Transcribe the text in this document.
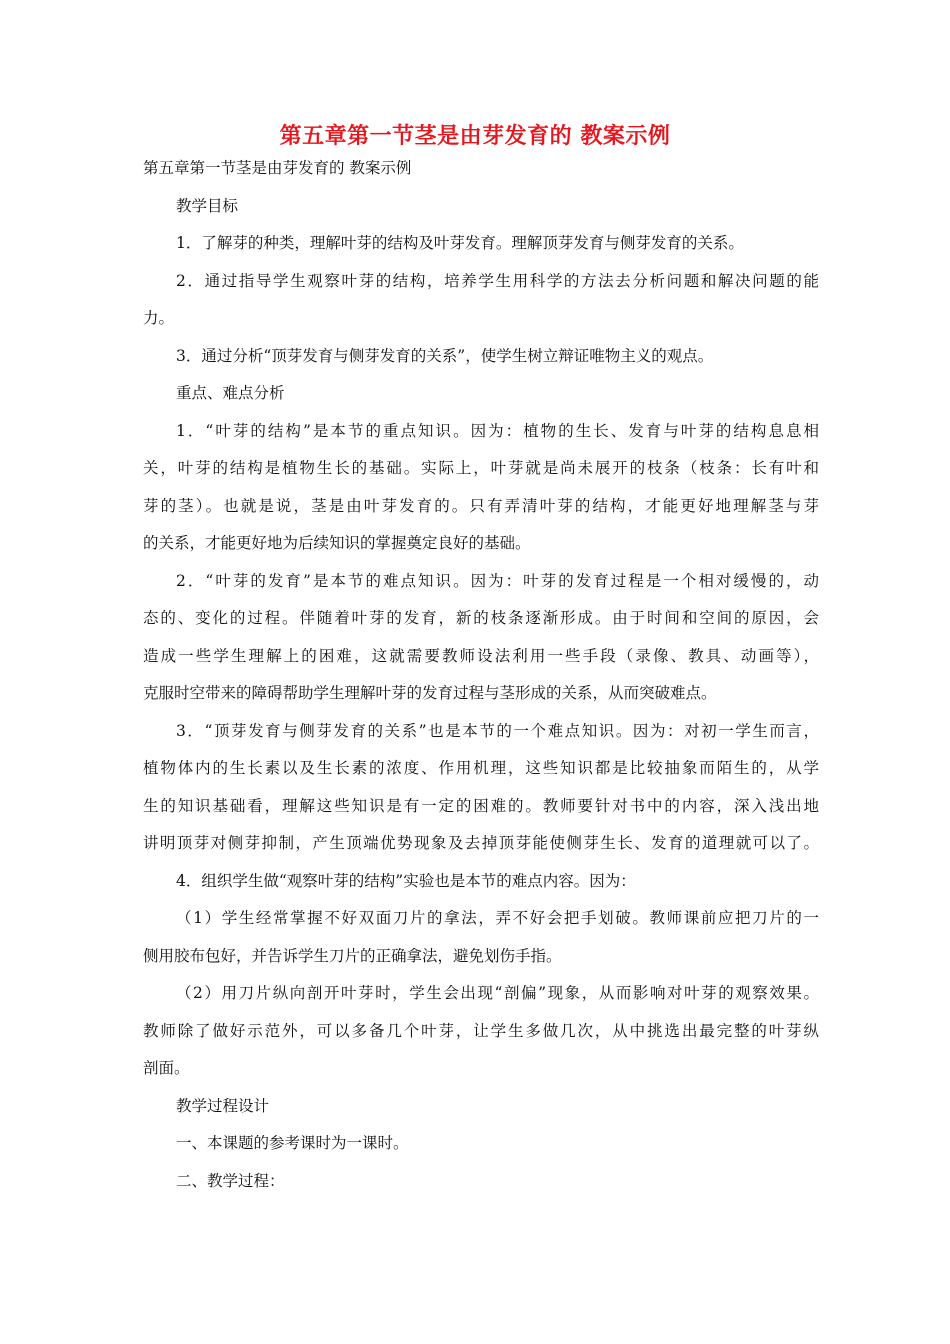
第五章第一节茎是由芽发育的 教案示例
第五章第一节茎是由芽发育的 教案示例
教学目标
1．了解芽的种类，理解叶芽的结构及叶芽发育。理解顶芽发育与侧芽发育的关系。
2．通过指导学生观察叶芽的结构，培养学生用科学的方法去分析问题和解决问题的能
力。
3．通过分析“顶芽发育与侧芽发育的关系”，使学生树立辩证唯物主义的观点。
重点、难点分析
1．“叶芽的结构”是本节的重点知识。因为：植物的生长、发育与叶芽的结构息息相
关，叶芽的结构是植物生长的基础。实际上，叶芽就是尚未展开的枝条（枝条：长有叶和
芽的茎）。也就是说，茎是由叶芽发育的。只有弄清叶芽的结构，才能更好地理解茎与芽
的关系，才能更好地为后续知识的掌握奠定良好的基础。
2．“叶芽的发育”是本节的难点知识。因为：叶芽的发育过程是一个相对缓慢的，动
态的、变化的过程。伴随着叶芽的发育，新的枝条逐渐形成。由于时间和空间的原因，会
造成一些学生理解上的困难，这就需要教师设法利用一些手段（录像、教具、动画等），
克服时空带来的障碍帮助学生理解叶芽的发育过程与茎形成的关系，从而突破难点。
3．“顶芽发育与侧芽发育的关系”也是本节的一个难点知识。因为：对初一学生而言，
植物体内的生长素以及生长素的浓度、作用机理，这些知识都是比较抽象而陌生的，从学
生的知识基础看，理解这些知识是有一定的困难的。教师要针对书中的内容，深入浅出地
讲明顶芽对侧芽抑制，产生顶端优势现象及去掉顶芽能使侧芽生长、发育的道理就可以了。
4．组织学生做“观察叶芽的结构”实验也是本节的难点内容。因为：
（1）学生经常掌握不好双面刀片的拿法，弄不好会把手划破。教师课前应把刀片的一
侧用胶布包好，并告诉学生刀片的正确拿法，避免划伤手指。
（2）用刀片纵向剖开叶芽时，学生会出现“剖偏”现象，从而影响对叶芽的观察效果。
教师除了做好示范外，可以多备几个叶芽，让学生多做几次，从中挑选出最完整的叶芽纵
剖面。
教学过程设计
一、本课题的参考课时为一课时。
二、教学过程：
